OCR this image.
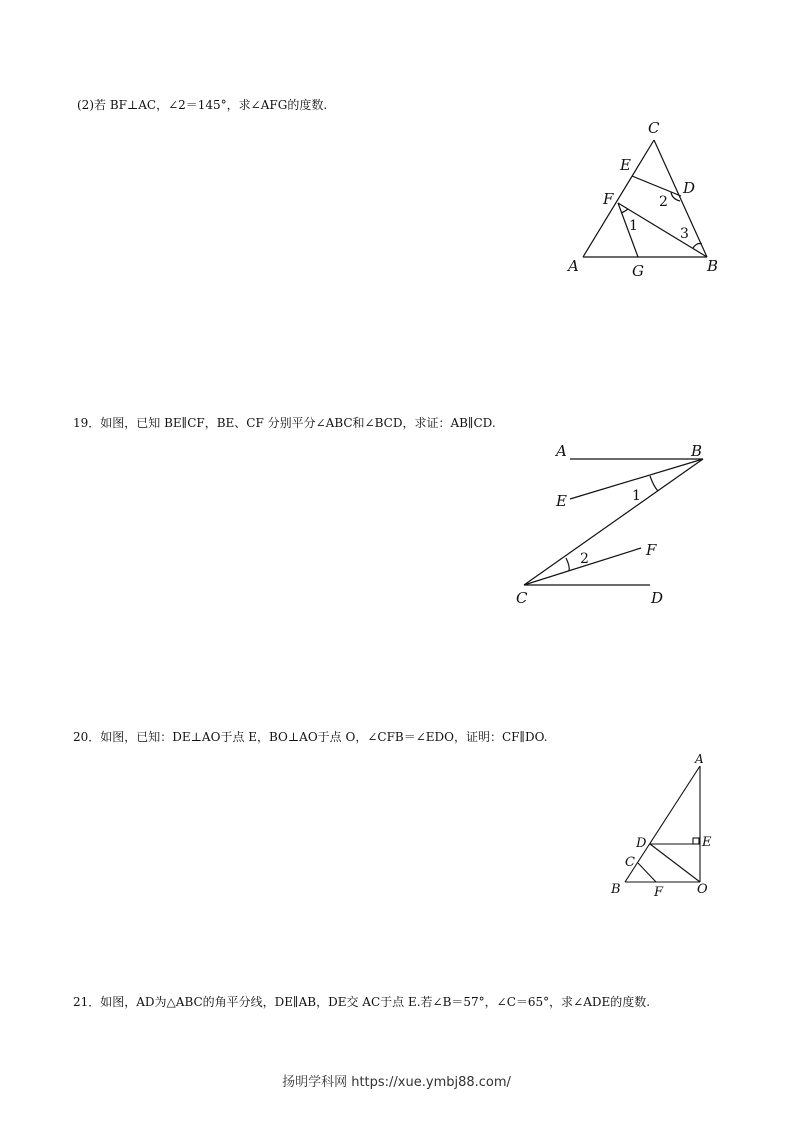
(2)若 BF⊥AC，∠2＝145°，求∠AFG的度数.
19．如图，已知 BE∥CF，BE、CF 分别平分∠ABC和∠BCD，求证：AB∥CD.
20．如图，已知：DE⊥AO于点 E，BO⊥AO于点 O，∠CFB＝∠EDO，证明：CF∥DO.
21．如图，AD为△ABC的角平分线，DE∥AB，DE交 AC于点 E.若∠B＝57°，∠C＝65°，求∠ADE的度数.
C
E
D
F
1
2
3
A	G	B
A	B
E	1
F
2
C	D
A
D	E
C
B	F	O
扬明学科网 https://xue.ymbj88.com/
